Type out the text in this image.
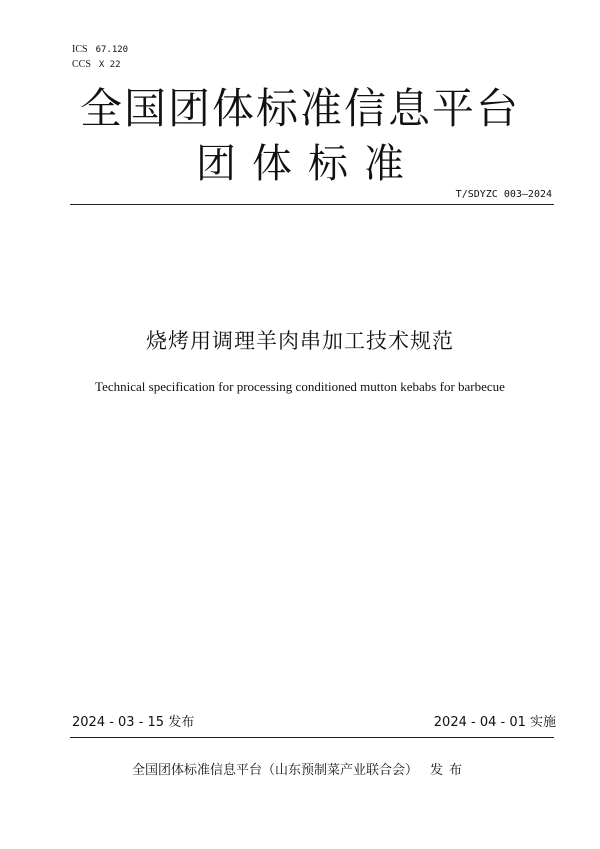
ICS 67.120
CCS X 22
全国团体标准信息平台
团体标准
T/SDYZC 003—2024
烧烤用调理羊肉串加工技术规范
Technical specification for processing conditioned mutton kebabs for barbecue
2024 - 03 - 15 发布	2024 - 04 - 01 实施
全国团体标准信息平台（山东预制菜产业联合会） 发布
